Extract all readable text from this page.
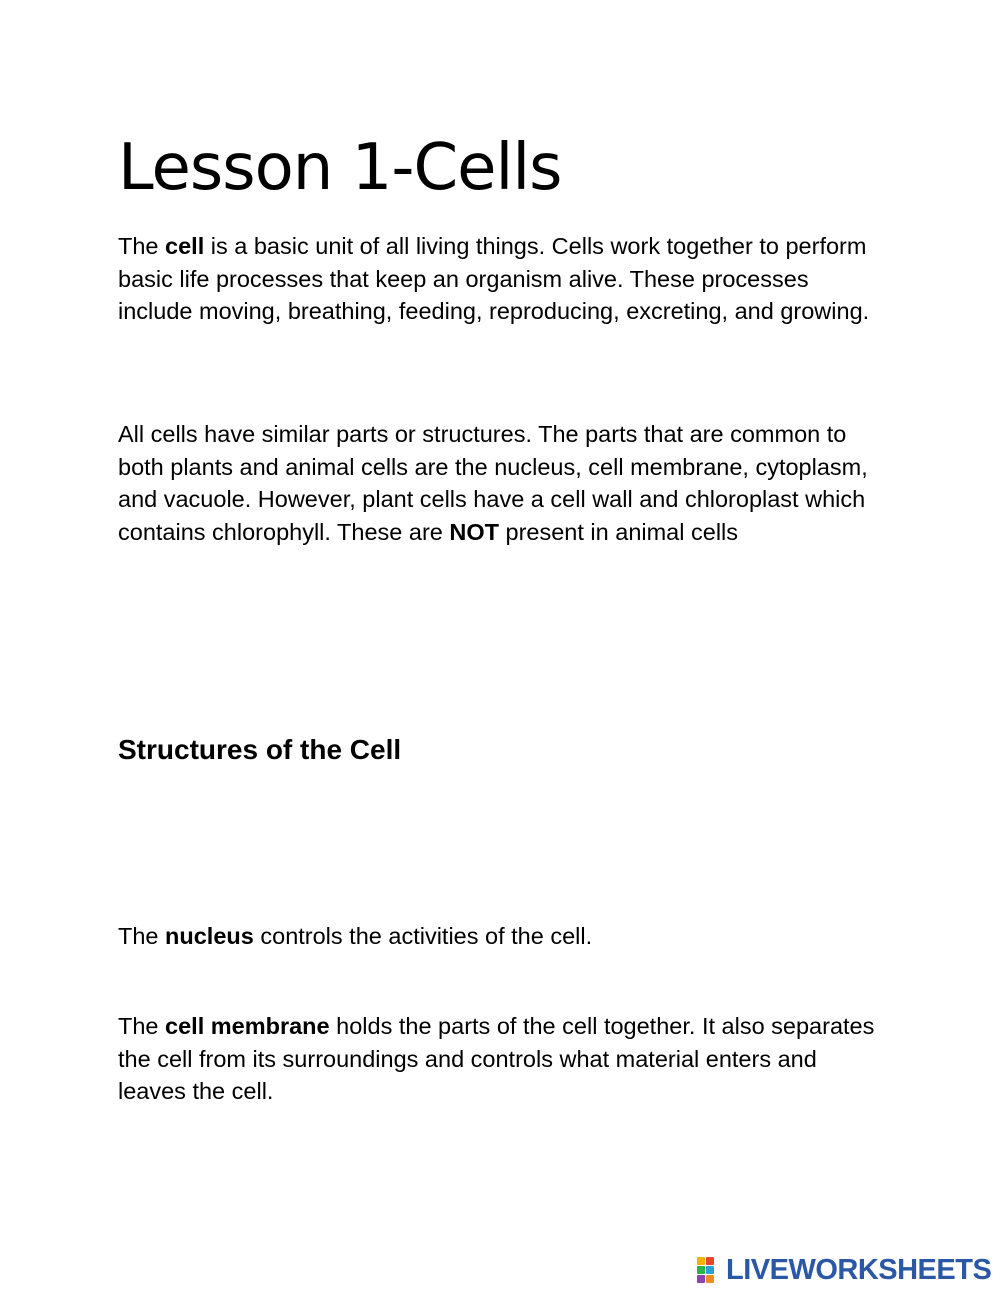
Lesson 1-Cells

The cell is a basic unit of all living things. Cells work together to perform basic life processes that keep an organism alive. These processes include moving, breathing, feeding, reproducing, excreting, and growing.

All cells have similar parts or structures. The parts that are common to both plants and animal cells are the nucleus, cell membrane, cytoplasm, and vacuole. However, plant cells have a cell wall and chloroplast which contains chlorophyll. These are NOT present in animal cells

Structures of the Cell

The nucleus controls the activities of the cell.

The cell membrane holds the parts of the cell together. It also separates the cell from its surroundings and controls what material enters and leaves the cell.

LIVEWORKSHEETS
